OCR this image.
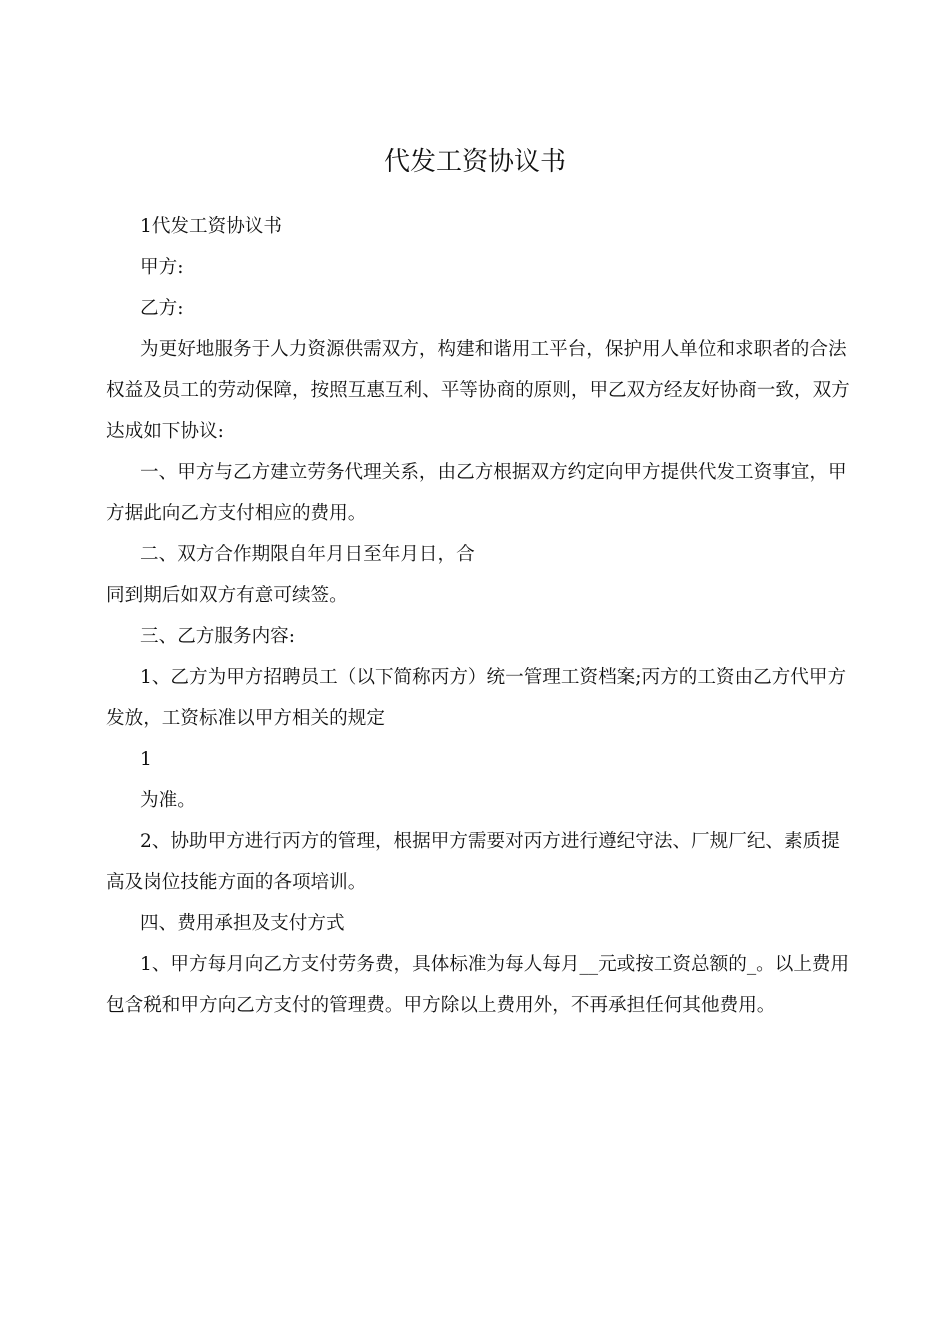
代发工资协议书

1代发工资协议书

甲方:

乙方:

为更好地服务于人力资源供需双方，构建和谐用工平台，保护用人单位和求职者的合法权益及员工的劳动保障，按照互惠互利、平等协商的原则，甲乙双方经友好协商一致，双方达成如下协议:

一、甲方与乙方建立劳务代理关系，由乙方根据双方约定向甲方提供代发工资事宜，甲方据此向乙方支付相应的费用。

二、双方合作期限自年月日至年月日，合

同到期后如双方有意可续签。

三、乙方服务内容:

1、乙方为甲方招聘员工（以下简称丙方）统一管理工资档案;丙方的工资由乙方代甲方发放，工资标准以甲方相关的规定

1

为准。

2、协助甲方进行丙方的管理，根据甲方需要对丙方进行遵纪守法、厂规厂纪、素质提高及岗位技能方面的各项培训。

四、费用承担及支付方式

1、甲方每月向乙方支付劳务费，具体标准为每人每月__元或按工资总额的_。以上费用包含税和甲方向乙方支付的管理费。甲方除以上费用外，不再承担任何其他费用。
